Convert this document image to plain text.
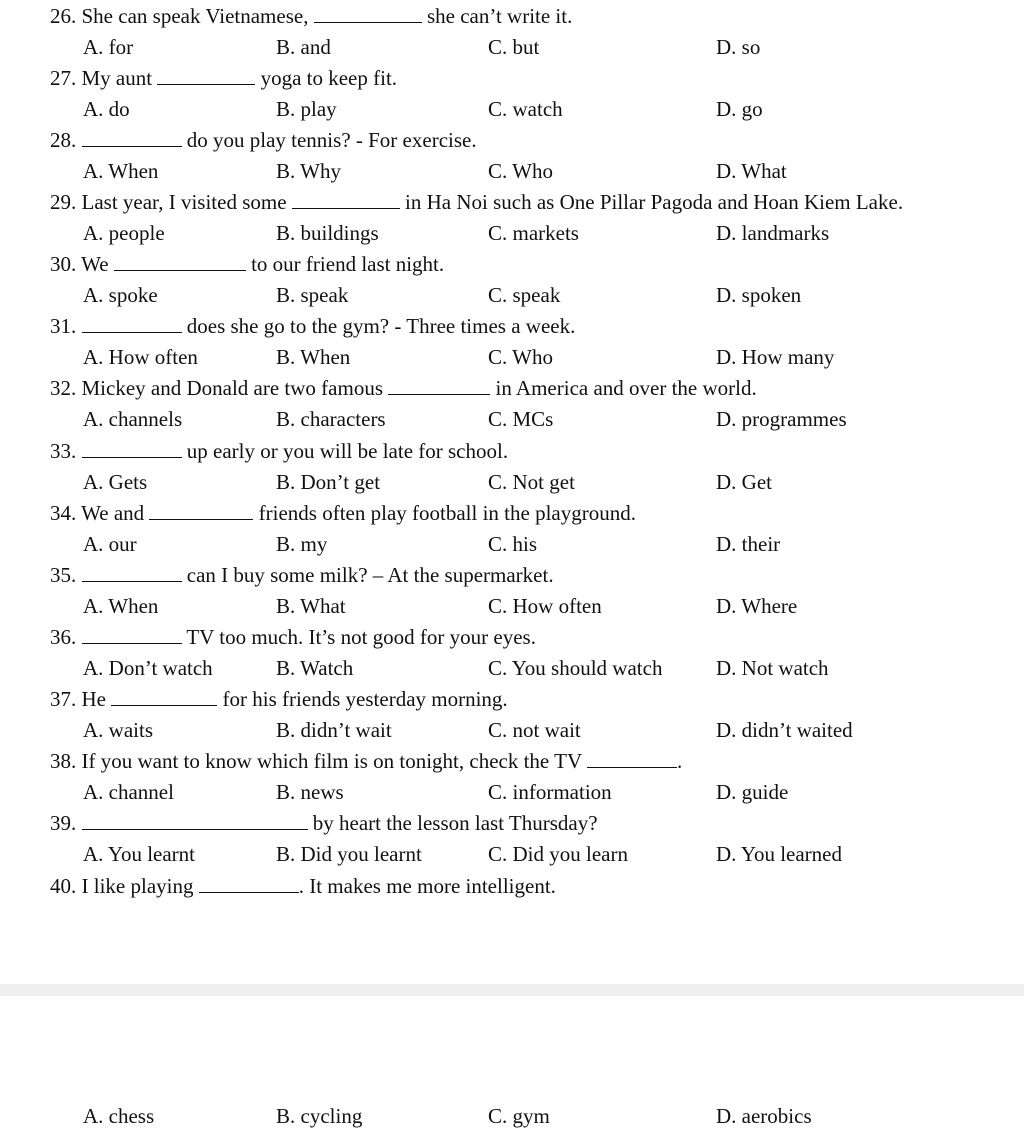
26. She can speak Vietnamese,	she can’t write it.
A. for	B. and	C. but	D. so
27. My aunt	yoga to keep fit.
A. do	B. play	C. watch	D. go
28.	do you play tennis? - For exercise.
A. When	B. Why	C. Who	D. What
29. Last year, I visited some	in Ha Noi such as One Pillar Pagoda and Hoan Kiem Lake.
A. people	B. buildings	C. markets	D. landmarks
30. We	to our friend last night.
A. spoke	B. speak	C. speak	D. spoken
31.	does she go to the gym? - Three times a week.
A. How often	B. When	C. Who	D. How many
32. Mickey and Donald are two famous	in America and over the world.
A. channels	B. characters	C. MCs	D. programmes
33.	up early or you will be late for school.
A. Gets	B. Don’t get	C. Not get	D. Get
34. We and	friends often play football in the playground.
A. our	B. my	C. his	D. their
35.	can I buy some milk? – At the supermarket.
A. When	B. What	C. How often	D. Where
36.	TV too much. It’s not good for your eyes.
A. Don’t watch	B. Watch	C. You should watch	D. Not watch
37. He	for his friends yesterday morning.
A. waits	B. didn’t wait	C. not wait	D. didn’t waited
38. If you want to know which film is on tonight, check the TV	.
A. channel	B. news	C. information	D. guide
39.	by heart the lesson last Thursday?
A. You learnt	B. Did you learnt	C. Did you learn	D. You learned
40. I like playing	. It makes me more intelligent.
A. chess	B. cycling	C. gym	D. aerobics
